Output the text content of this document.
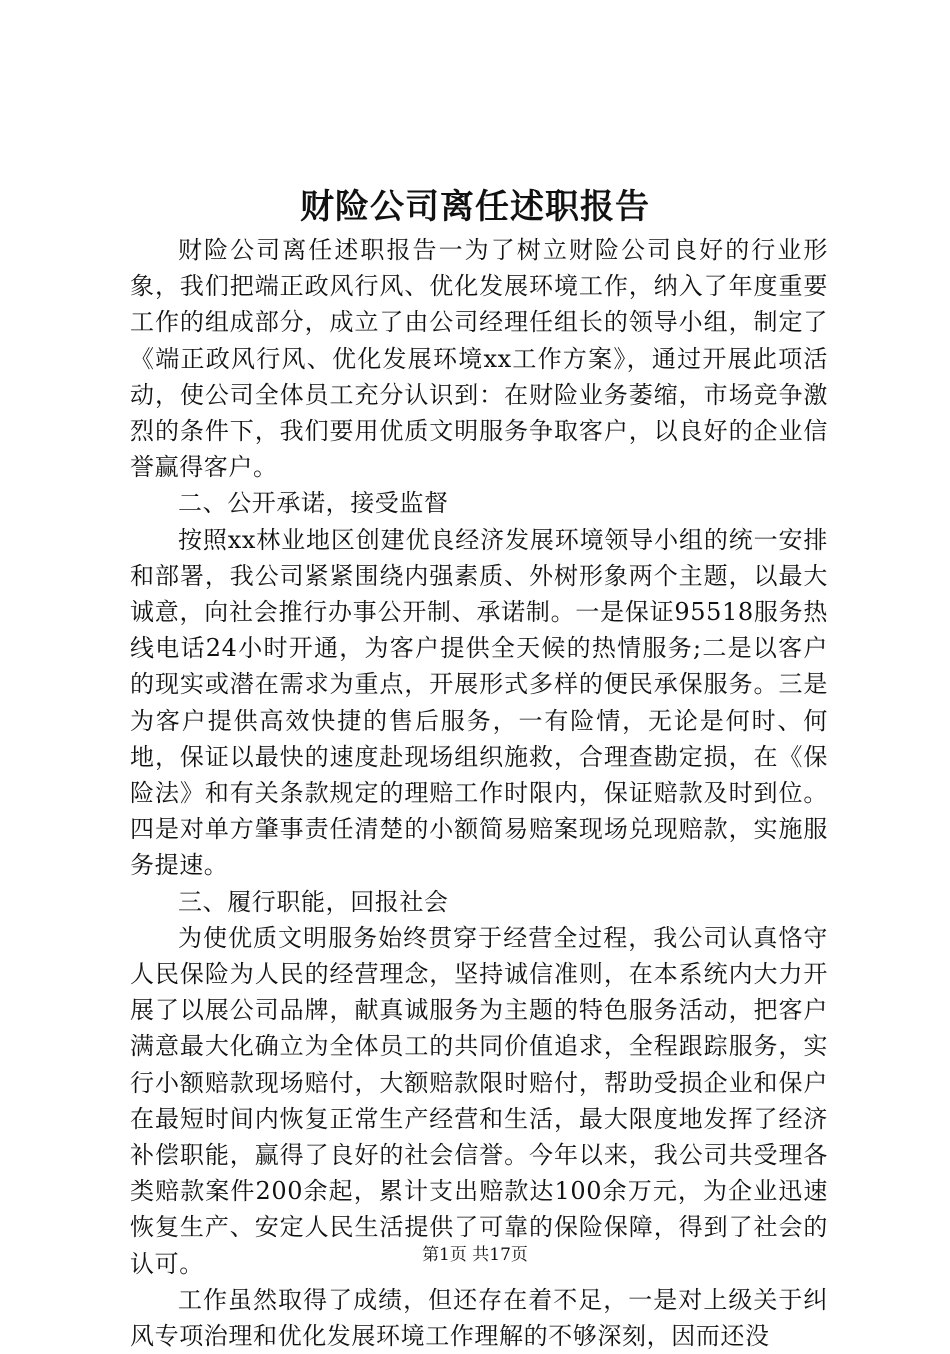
财险公司离任述职报告

财险公司离任述职报告一为了树立财险公司良好的行业形象，我们把端正政风行风、优化发展环境工作，纳入了年度重要工作的组成部分，成立了由公司经理任组长的领导小组，制定了《端正政风行风、优化发展环境xx工作方案》，通过开展此项活动，使公司全体员工充分认识到：在财险业务萎缩，市场竞争激烈的条件下，我们要用优质文明服务争取客户，以良好的企业信誉赢得客户。

二、公开承诺，接受监督

按照xx林业地区创建优良经济发展环境领导小组的统一安排和部署，我公司紧紧围绕内强素质、外树形象两个主题，以最大诚意，向社会推行办事公开制、承诺制。一是保证95518服务热线电话24小时开通，为客户提供全天候的热情服务;二是以客户的现实或潜在需求为重点，开展形式多样的便民承保服务。三是为客户提供高效快捷的售后服务，一有险情，无论是何时、何地，保证以最快的速度赴现场组织施救，合理查勘定损，在《保险法》和有关条款规定的理赔工作时限内，保证赔款及时到位。四是对单方肇事责任清楚的小额简易赔案现场兑现赔款，实施服务提速。

三、履行职能，回报社会

为使优质文明服务始终贯穿于经营全过程，我公司认真恪守人民保险为人民的经营理念，坚持诚信准则，在本系统内大力开展了以展公司品牌，献真诚服务为主题的特色服务活动，把客户满意最大化确立为全体员工的共同价值追求，全程跟踪服务，实行小额赔款现场赔付，大额赔款限时赔付，帮助受损企业和保户在最短时间内恢复正常生产经营和生活，最大限度地发挥了经济补偿职能，赢得了良好的社会信誉。今年以来，我公司共受理各类赔款案件200余起，累计支出赔款达100余万元，为企业迅速恢复生产、安定人民生活提供了可靠的保险保障，得到了社会的认可。

工作虽然取得了成绩，但还存在着不足，一是对上级关于纠风专项治理和优化发展环境工作理解的不够深刻，因而还没

第1页 共17页
